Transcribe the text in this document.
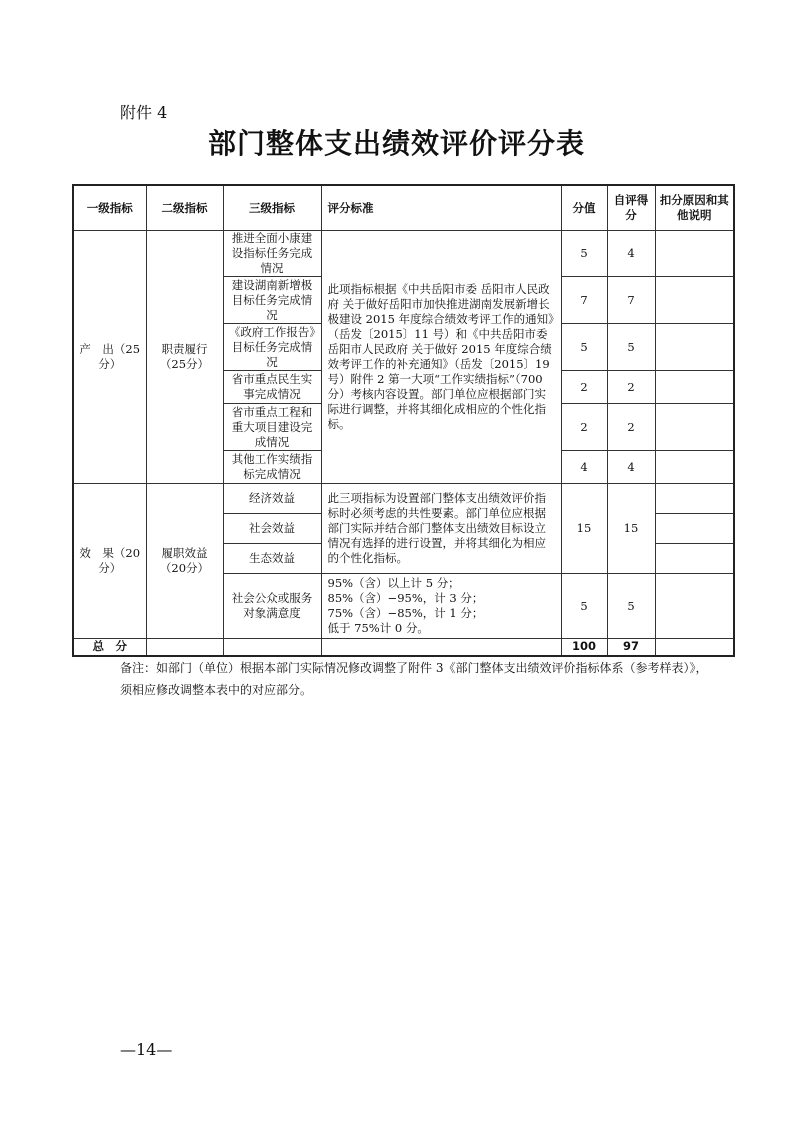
附件 4
部门整体支出绩效评价评分表
一级指标	二级指标	三级指标	评分标准	分值	自评得分	扣分原因和其他说明
产　出（25分）	职责履行（25分）	推进全面小康建设指标任务完成情况	此项指标根据《中共岳阳市委 岳阳市人民政府 关于做好岳阳市加快推进湖南发展新增长极建设 2015 年度综合绩效考评工作的通知》（岳发〔2015〕11 号）和《中共岳阳市委 岳阳市人民政府 关于做好 2015 年度综合绩效考评工作的补充通知》（岳发〔2015〕19 号）附件 2 第一大项“工作实绩指标”（700 分）考核内容设置。部门单位应根据部门实际进行调整，并将其细化成相应的个性化指标。	5	4	
		建设湖南新增极目标任务完成情况		7	7	
		《政府工作报告》目标任务完成情况		5	5	
		省市重点民生实事完成情况		2	2	
		省市重点工程和重大项目建设完成情况		2	2	
		其他工作实绩指标完成情况		4	4	
效　果（20分）	履职效益（20分）	经济效益	此三项指标为设置部门整体支出绩效评价指标时必须考虑的共性要素。部门单位应根据部门实际并结合部门整体支出绩效目标设立情况有选择的进行设置，并将其细化为相应的个性化指标。	15	15	
		社会效益				
		生态效益				
		社会公众或服务对象满意度	95%（含）以上计 5 分；
85%（含）−95%，计 3 分；
75%（含）−85%，计 1 分；
低于 75%计 0 分。	5	5	
总　分				100	97	
备注：如部门（单位）根据本部门实际情况修改调整了附件 3《部门整体支出绩效评价指标体系（参考样表）》，须相应修改调整本表中的对应部分。
—14—
